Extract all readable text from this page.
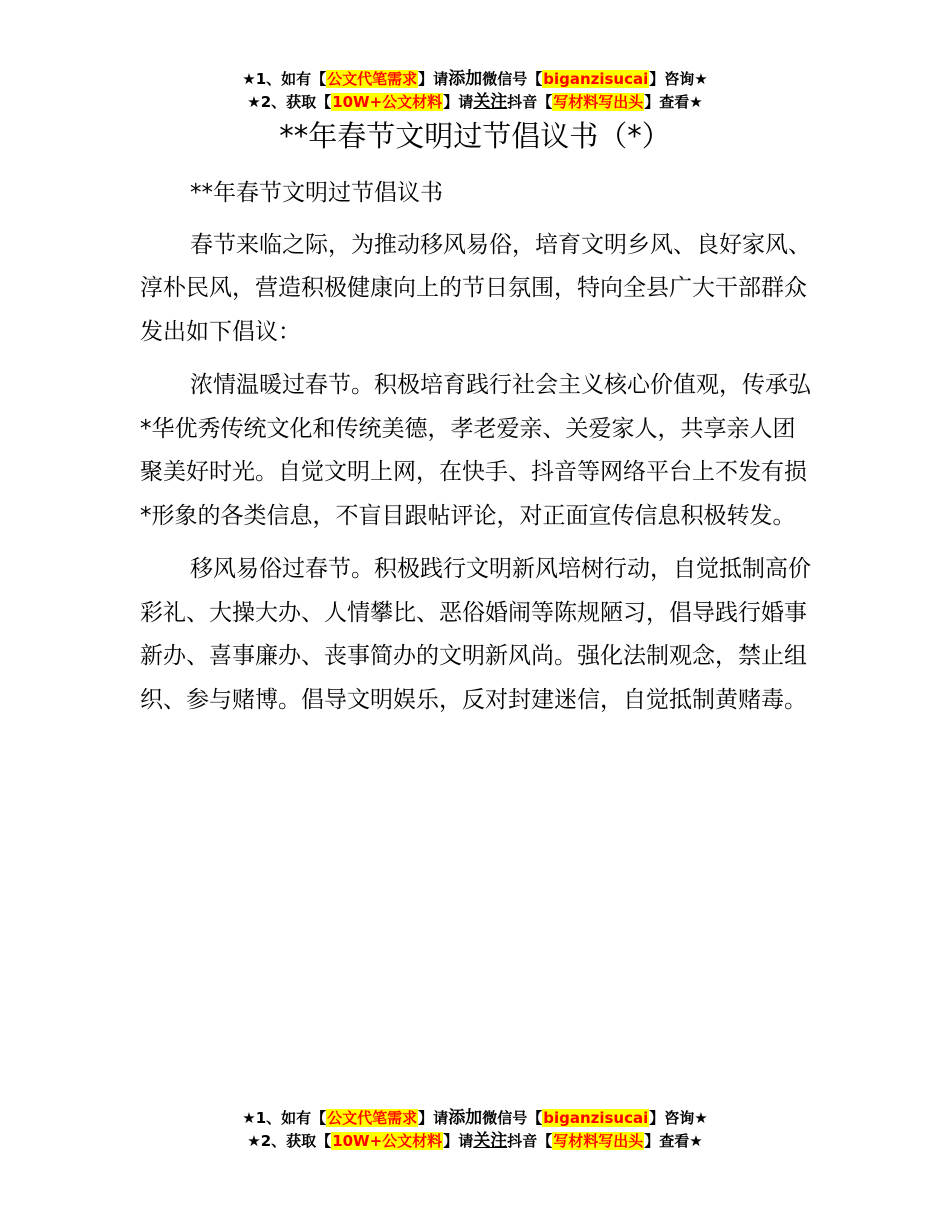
★1、如有【公文代笔需求】请添加微信号【biganzisucai】咨询★
★2、获取【10W+公文材料】请关注抖音【写材料写出头】查看★
**年春节文明过节倡议书（*）

**年春节文明过节倡议书

春节来临之际，为推动移风易俗，培育文明乡风、良好家风、淳朴民风，营造积极健康向上的节日氛围，特向全县广大干部群众发出如下倡议：

浓情温暖过春节。积极培育践行社会主义核心价值观，传承弘*华优秀传统文化和传统美德，孝老爱亲、关爱家人，共享亲人团聚美好时光。自觉文明上网，在快手、抖音等网络平台上不发有损*形象的各类信息，不盲目跟帖评论，对正面宣传信息积极转发。

移风易俗过春节。积极践行文明新风培树行动，自觉抵制高价彩礼、大操大办、人情攀比、恶俗婚闹等陈规陋习，倡导践行婚事新办、喜事廉办、丧事简办的文明新风尚。强化法制观念，禁止组织、参与赌博。倡导文明娱乐，反对封建迷信，自觉抵制黄赌毒。

★1、如有【公文代笔需求】请添加微信号【biganzisucai】咨询★
★2、获取【10W+公文材料】请关注抖音【写材料写出头】查看★
